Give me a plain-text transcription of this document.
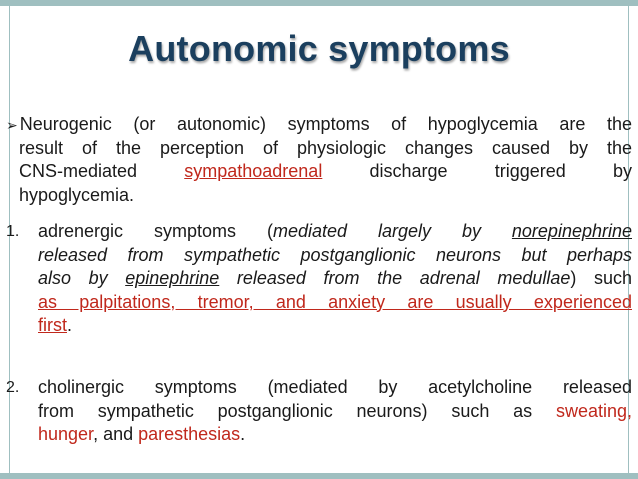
Autonomic symptoms
➢ Neurogenic (or autonomic) symptoms of hypoglycemia are the
result of the perception of physiologic changes caused by the
CNS-mediated sympathoadrenal discharge triggered by
hypoglycemia.
1. adrenergic symptoms (mediated largely by norepinephrine
released from sympathetic postganglionic neurons but perhaps
also by epinephrine released from the adrenal medullae) such
as palpitations, tremor, and anxiety are usually experienced
first.
2. cholinergic symptoms (mediated by acetylcholine released
from sympathetic postganglionic neurons) such as sweating,
hunger, and paresthesias.
